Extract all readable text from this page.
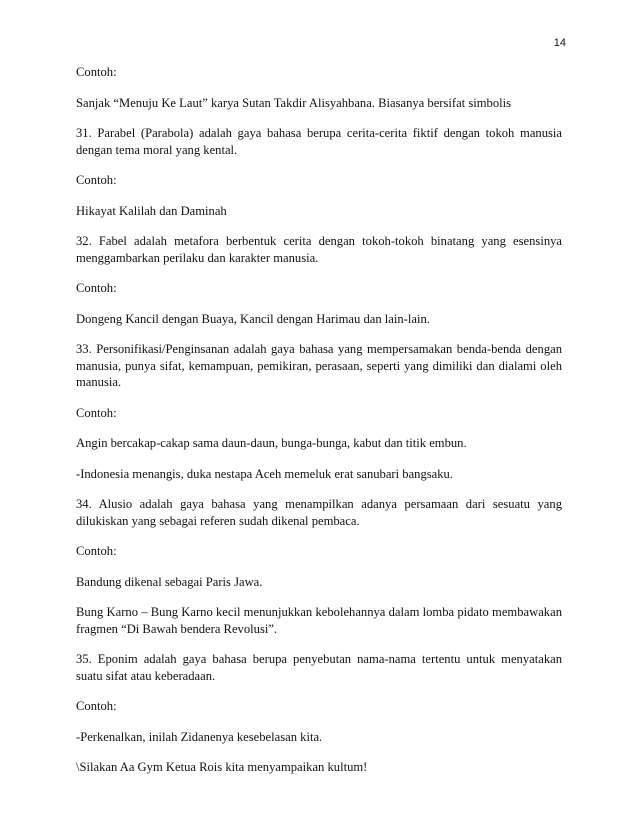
14

Contoh:

Sanjak “Menuju Ke Laut” karya Sutan Takdir Alisyahbana. Biasanya bersifat simbolis

31. Parabel (Parabola) adalah gaya bahasa berupa cerita-cerita fiktif dengan tokoh manusia dengan tema moral yang kental.

Contoh:

Hikayat Kalilah dan Daminah

32. Fabel adalah metafora berbentuk cerita dengan tokoh-tokoh binatang yang esensinya menggambarkan perilaku dan karakter manusia.

Contoh:

Dongeng Kancil dengan Buaya, Kancil dengan Harimau dan lain-lain.

33. Personifikasi/Penginsanan adalah gaya bahasa yang mempersamakan benda-benda dengan manusia, punya sifat, kemampuan, pemikiran, perasaan, seperti yang dimiliki dan dialami oleh manusia.

Contoh:

Angin bercakap-cakap sama daun-daun, bunga-bunga, kabut dan titik embun.

-Indonesia menangis, duka nestapa Aceh memeluk erat sanubari bangsaku.

34. Alusio adalah gaya bahasa yang menampilkan adanya persamaan dari sesuatu yang dilukiskan yang sebagai referen sudah dikenal pembaca.

Contoh:

Bandung dikenal sebagai Paris Jawa.

Bung Karno – Bung Karno kecil menunjukkan kebolehannya dalam lomba pidato membawakan fragmen “Di Bawah bendera Revolusi”.

35. Eponim adalah gaya bahasa berupa penyebutan nama-nama tertentu untuk menyatakan suatu sifat atau keberadaan.

Contoh:

-Perkenalkan, inilah Zidanenya kesebelasan kita.

\Silakan Aa Gym Ketua Rois kita menyampaikan kultum!
